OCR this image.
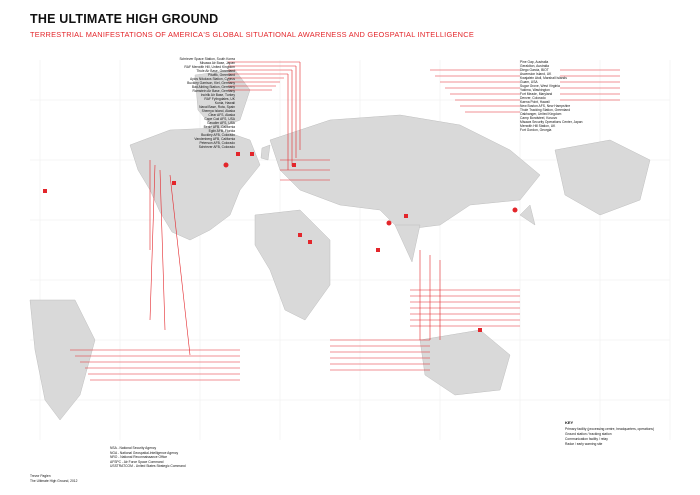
THE ULTIMATE HIGH GROUND
TERRESTRIAL MANIFESTATIONS OF AMERICA'S GLOBAL SITUATIONAL AWARENESS AND GEOSPATIAL INTELLIGENCE
Schriever Space Station, South Korea
Misawa Air Base, Japan
RAF Menwith Hill, United Kingdom
Thule Air Base, Greenland
Pituffik, Greenland
Ayios Nikolaos Station, Cyprus
Buckley Garrison, Kiel, Germany
Bad Aibling Station, Germany
Ramstein Air Base, Germany
Incirlik Air Base, Turkey
RAF Fylingdales, UK
Kunia, Hawaii
Naval Base, Rota, Spain
Shemya Island, Alaska
Clear AFS, Alaska
Cape Cod AFS, USA
Cavalier AFS, USA
Beale AFB, California
Eglin AFB, Florida
Buckley AFB, Colorado
Vandenberg AFB, California
Peterson AFB, Colorado
Schriever AFB, Colorado
Pine Gap, Australia
Geraldton, Australia
Diego Garcia, BIOT
Ascension Island, UK
Kwajalein Atoll, Marshall Islands
Guam, USA
Sugar Grove, West Virginia
Yakima, Washington
Fort Meade, Maryland
Denver, Colorado
Kaena Point, Hawaii
New Boston AFS, New Hampshire
Thule Tracking Station, Greenland
Oakhanger, United Kingdom
Camp Bondsteel, Kosovo
Misawa Security Operations Center, Japan
Menwith Hill Station, UK
Fort Gordon, Georgia
NSA - National Security Agency
NGA - National Geospatial-Intelligence Agency
NRO - National Reconnaissance Office
AFSPC - Air Force Space Command
USSTRATCOM - United States Strategic Command
KEY
Primary facility (processing centre, headquarters, operations)
Ground station / tracking station
Communication facility / relay
Radar / early warning site
Trevor Paglen
The Ultimate High Ground, 2012
